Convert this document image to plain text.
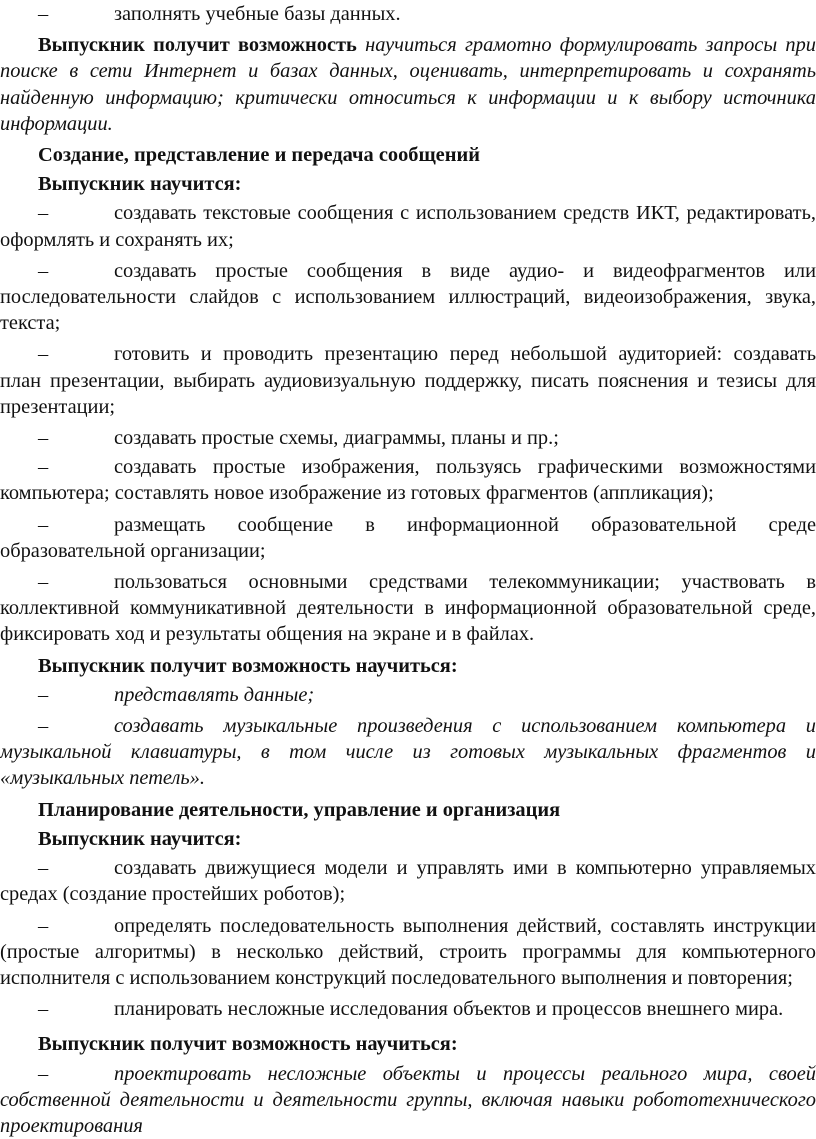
–	заполнять учебные базы данных.

Выпускник получит возможность научиться грамотно формулировать запросы при поиске в сети Интернет и базах данных, оценивать, интерпретировать и сохранять найденную информацию; критически относиться к информации и к выбору источника информации.

Создание, представление и передача сообщений

Выпускник научится:

–	создавать текстовые сообщения с использованием средств ИКТ, редактировать, оформлять и сохранять их;

–	создавать простые сообщения в виде аудио- и видеофрагментов или последовательности слайдов с использованием иллюстраций, видеоизображения, звука, текста;

–	готовить и проводить презентацию перед небольшой аудиторией: создавать план презентации, выбирать аудиовизуальную поддержку, писать пояснения и тезисы для презентации;

–	создавать простые схемы, диаграммы, планы и пр.;

–	создавать простые изображения, пользуясь графическими возможностями компьютера; составлять новое изображение из готовых фрагментов (аппликация);

–	размещать сообщение в информационной образовательной среде образовательной организации;

–	пользоваться основными средствами телекоммуникации; участвовать в коллективной коммуникативной деятельности в информационной образовательной среде, фиксировать ход и результаты общения на экране и в файлах.

Выпускник получит возможность научиться:

–	представлять данные;

–	создавать музыкальные произведения с использованием компьютера и музыкальной клавиатуры, в том числе из готовых музыкальных фрагментов и «музыкальных петель».

Планирование деятельности, управление и организация

Выпускник научится:

–	создавать движущиеся модели и управлять ими в компьютерно управляемых средах (создание простейших роботов);

–	определять последовательность выполнения действий, составлять инструкции (простые алгоритмы) в несколько действий, строить программы для компьютерного исполнителя с использованием конструкций последовательного выполнения и повторения;

–	планировать несложные исследования объектов и процессов внешнего мира.

Выпускник получит возможность научиться:

–	проектировать несложные объекты и процессы реального мира, своей собственной деятельности и деятельности группы, включая навыки робототехнического проектирования
